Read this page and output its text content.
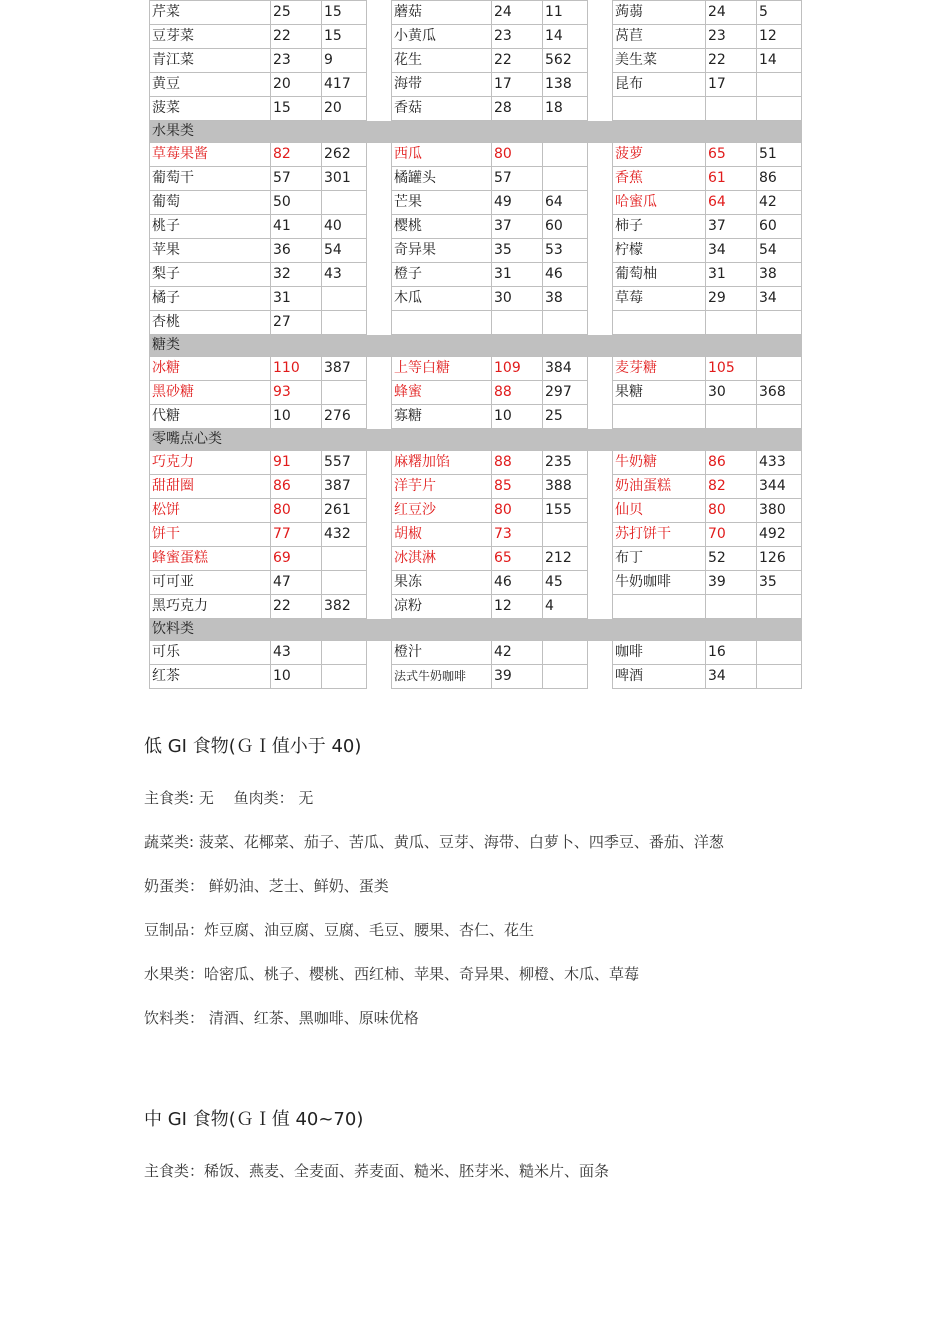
芹菜	25	15		蘑菇	24	11		蒟蒻	24	5
豆芽菜	22	15		小黄瓜	23	14		莴苣	23	12
青江菜	23	9		花生	22	562		美生菜	22	14
黄豆	20	417		海带	17	138		昆布	17	
菠菜	15	20		香菇	28	18				
水果类										
草莓果酱	82	262		西瓜	80			菠萝	65	51
葡萄干	57	301		橘罐头	57			香蕉	61	86
葡萄	50			芒果	49	64		哈蜜瓜	64	42
桃子	41	40		樱桃	37	60		柿子	37	60
苹果	36	54		奇异果	35	53		柠檬	34	54
梨子	32	43		橙子	31	46		葡萄柚	31	38
橘子	31			木瓜	30	38		草莓	29	34
杏桃	27									
糖类										
冰糖	110	387		上等白糖	109	384		麦芽糖	105	
黑砂糖	93			蜂蜜	88	297		果糖	30	368
代糖	10	276		寡糖	10	25				
零嘴点心类										
巧克力	91	557		麻糬加馅	88	235		牛奶糖	86	433
甜甜圈	86	387		洋芋片	85	388		奶油蛋糕	82	344
松饼	80	261		红豆沙	80	155		仙贝	80	380
饼干	77	432		胡椒	73			苏打饼干	70	492
蜂蜜蛋糕	69			冰淇淋	65	212		布丁	52	126
可可亚	47			果冻	46	45		牛奶咖啡	39	35
黑巧克力	22	382		凉粉	12	4				
饮料类										
可乐	43			橙汁	42			咖啡	16	
红茶	10			法式牛奶咖啡	39			啤酒	34	
低 GI 食物(ＧＩ值小于 40)
主食类: 无　 鱼肉类： 无
蔬菜类: 菠菜、花椰菜、茄子、苦瓜、黄瓜、豆芽、海带、白萝卜、四季豆、番茄、洋葱
奶蛋类： 鲜奶油、芝士、鲜奶、蛋类
豆制品：炸豆腐、油豆腐、豆腐、毛豆、腰果、杏仁、花生
水果类：哈密瓜、桃子、樱桃、西红柿、苹果、奇异果、柳橙、木瓜、草莓
饮料类： 清酒、红茶、黑咖啡、原味优格
中 GI 食物(ＧＩ值 40~70)
主食类：稀饭、燕麦、全麦面、荞麦面、糙米、胚芽米、糙米片、面条
